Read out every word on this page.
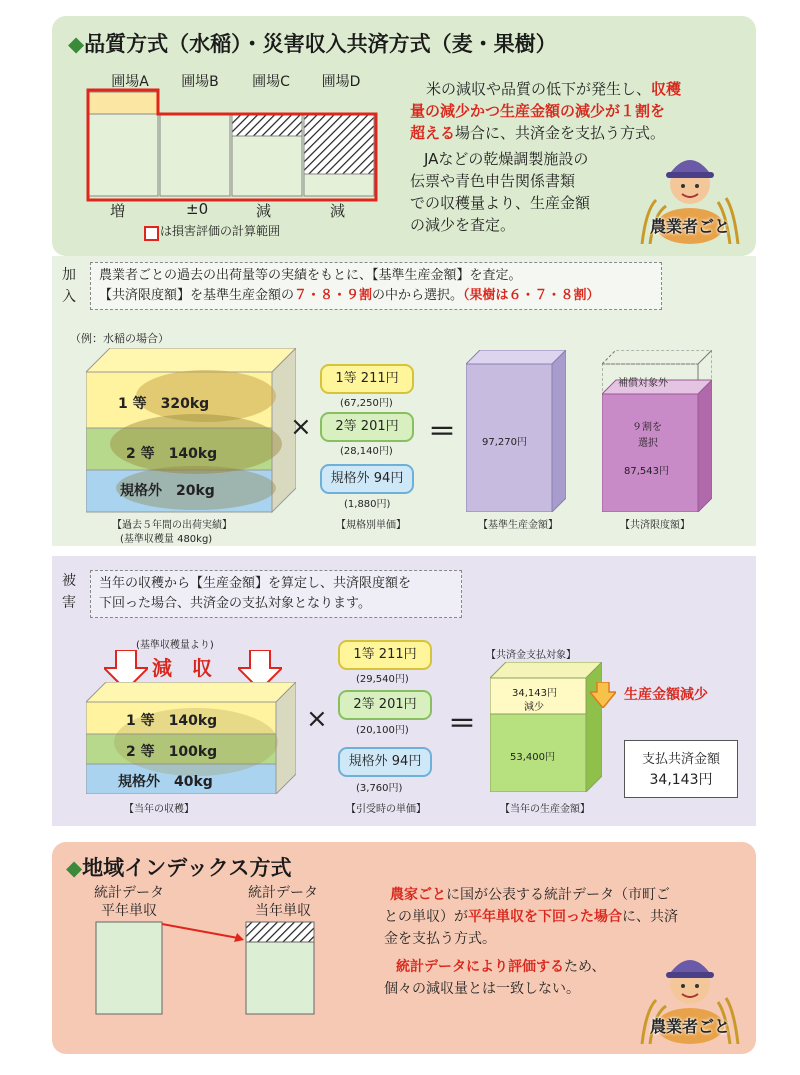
◆品質方式（水稲）・災害収入共済方式（麦・果樹）
圃場A	圃場B	圃場C	圃場D
増	±0	減	減
は損害評価の計算範囲
米の減収や品質の低下が発生し、収穫
量の減少かつ生産金額の減少が１割を
超える場合に、共済金を支払う方式。
JAなどの乾燥調製施設の
伝票や青色申告関係書類
での収穫量より、生産金額
の減少を査定。	農業者ごと
加
入
農業者ごとの過去の出荷量等の実績をもとに、【基準生産金額】を査定。
【共済限度額】を基準生産金額の７・８・９割の中から選択。（果樹は６・７・８割）
（例：水稲の場合）
1 等　320kg
2 等　140kg
規格外　20kg
【過去５年間の出荷実績】
(基準収穫量 480kg)
×
1等 211円
(67,250円)
2等 201円
(28,140円)
規格外 94円
(1,880円)
【規格別単価】
＝	97,270円
【基準生産金額】
補償対象外
９割を
選択
87,543円
【共済限度額】
被
害
当年の収穫から【生産金額】を算定し、共済限度額を
下回った場合、共済金の支払対象となります。
(基準収穫量より)
減　収
1 等　140kg
2 等　100kg
規格外　40kg
【当年の収穫】
×
1等 211円
(29,540円)
2等 201円
(20,100円)
規格外 94円
(3,760円)
【引受時の単価】
＝
【共済金支払対象】
34,143円
減少
53,400円
【当年の生産金額】
生産金額減少
支払共済金額
34,143円
◆地域インデックス方式
統計データ
平年単収
統計データ
当年単収
農家ごとに国が公表する統計データ（市町ご
との単収）が平年単収を下回った場合に、共済
金を支払う方式。
統計データにより評価するため、
個々の減収量とは一致しない。
農業者ごと
